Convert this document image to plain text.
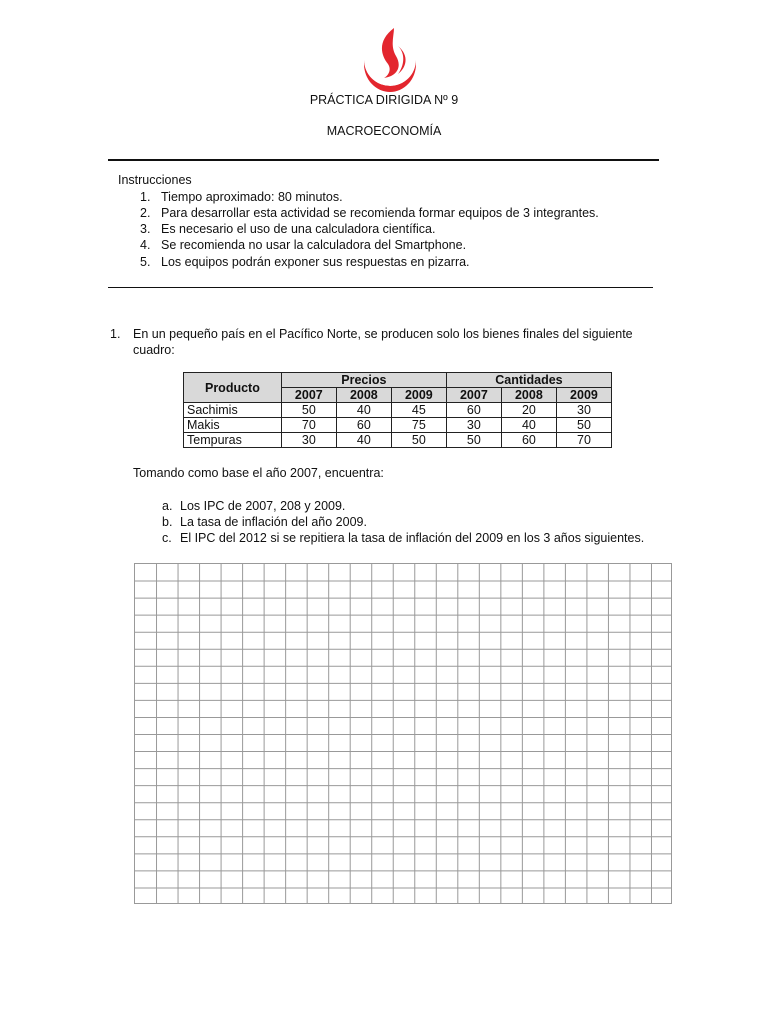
PRÁCTICA DIRIGIDA Nº 9
MACROECONOMÍA
Instrucciones
1. Tiempo aproximado: 80 minutos.
2. Para desarrollar esta actividad se recomienda formar equipos de 3 integrantes.
3. Es necesario el uso de una calculadora científica.
4. Se recomienda no usar la calculadora del Smartphone.
5. Los equipos podrán exponer sus respuestas en pizarra.
1. En un pequeño país en el Pacífico Norte, se producen solo los bienes finales del siguiente
cuadro:
Producto	Precios			Cantidades		
	2007	2008	2009	2007	2008	2009
Sachimis	50	40	45	60	20	30
Makis	70	60	75	30	40	50
Tempuras	30	40	50	50	60	70
Tomando como base el año 2007, encuentra:
a. Los IPC de 2007, 208 y 2009.
b. La tasa de inflación del año 2009.
c. El IPC del 2012 si se repitiera la tasa de inflación del 2009 en los 3 años siguientes.
